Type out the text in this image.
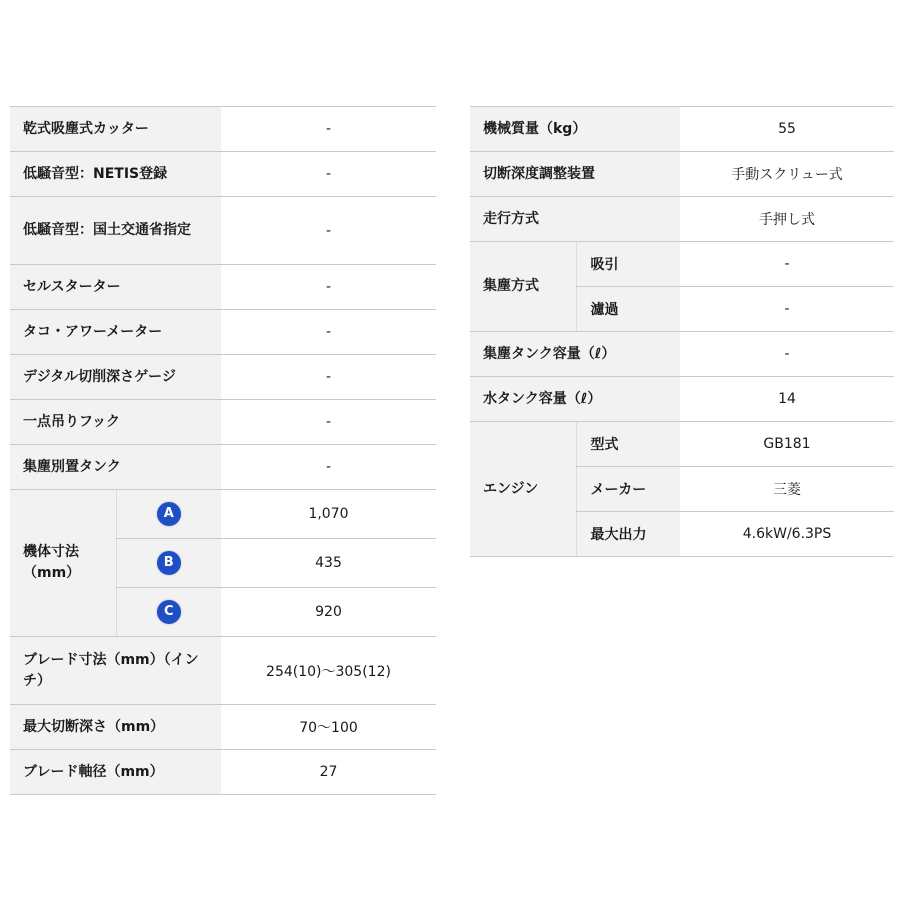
乾式吸塵式カッター		-
低騒音型：NETIS登録		-
低騒音型：国土交通省指定		-
セルスターター		-
タコ・アワーメーター		-
デジタル切削深さゲージ		-
一点吊りフック		-
集塵別置タンク		-
機体寸法（mm）	A	1,070
	B	435
	C	920
ブレード寸法（mm）（インチ）		254(10)〜305(12)
最大切断深さ（mm）		70〜100
ブレード軸径（mm）		27
機械質量（kg）		55
切断深度調整装置		手動スクリュー式
走行方式		手押し式
集塵方式	吸引	-
	濾過	-
集塵タンク容量（ℓ）		-
水タンク容量（ℓ）		14
エンジン	型式	GB181
	メーカー	三菱
	最大出力	4.6kW/6.3PS
